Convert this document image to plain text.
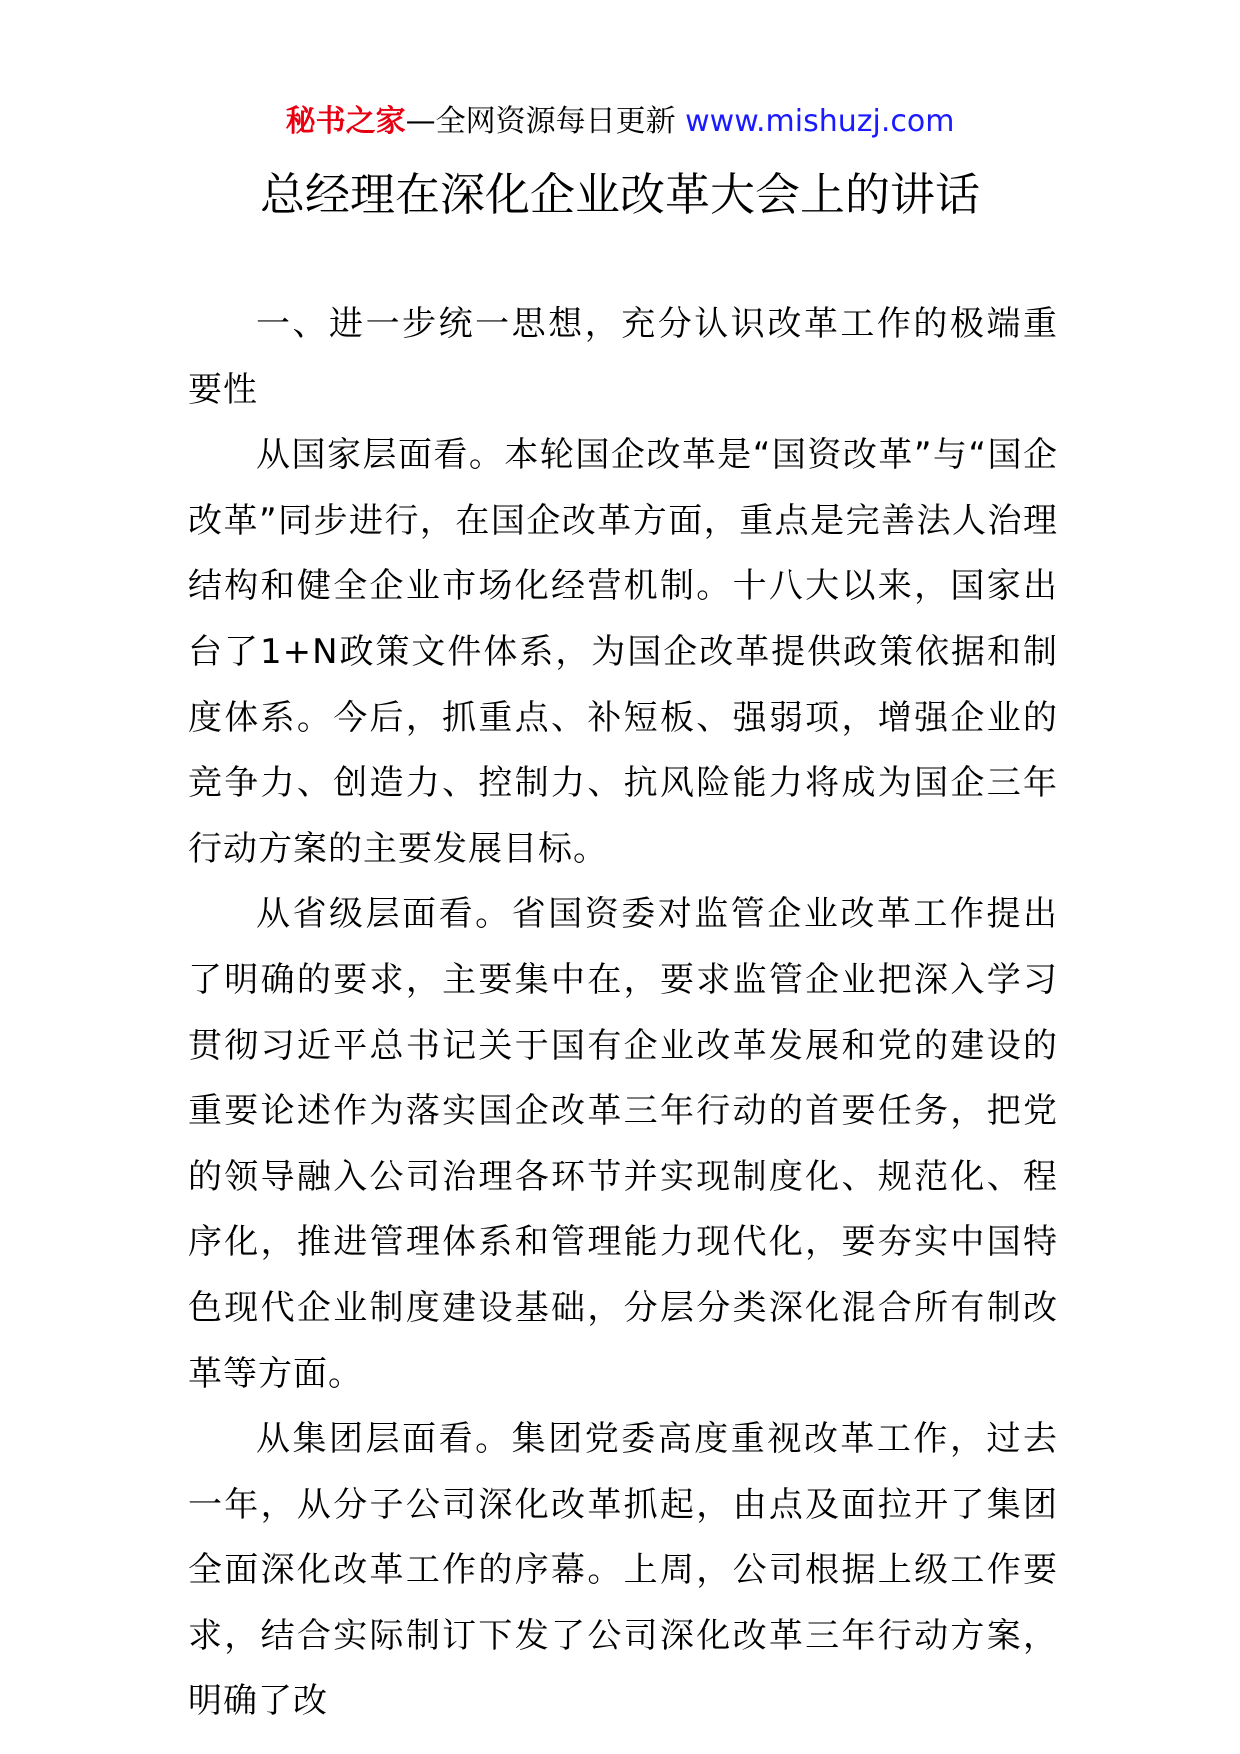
秘书之家—全网资源每日更新 www.mishuzj.com
总经理在深化企业改革大会上的讲话

一、进一步统一思想，充分认识改革工作的极端重要性

从国家层面看。本轮国企改革是“国资改革”与“国企改革”同步进行，在国企改革方面，重点是完善法人治理结构和健全企业市场化经营机制。十八大以来，国家出台了1+N政策文件体系，为国企改革提供政策依据和制度体系。今后，抓重点、补短板、强弱项，增强企业的竞争力、创造力、控制力、抗风险能力将成为国企三年行动方案的主要发展目标。

从省级层面看。省国资委对监管企业改革工作提出了明确的要求，主要集中在，要求监管企业把深入学习贯彻习近平总书记关于国有企业改革发展和党的建设的重要论述作为落实国企改革三年行动的首要任务，把党的领导融入公司治理各环节并实现制度化、规范化、程序化，推进管理体系和管理能力现代化，要夯实中国特色现代企业制度建设基础，分层分类深化混合所有制改革等方面。

从集团层面看。集团党委高度重视改革工作，过去一年，从分子公司深化改革抓起，由点及面拉开了集团全面深化改革工作的序幕。上周，公司根据上级工作要求，结合实际制订下发了公司深化改革三年行动方案，明确了改
